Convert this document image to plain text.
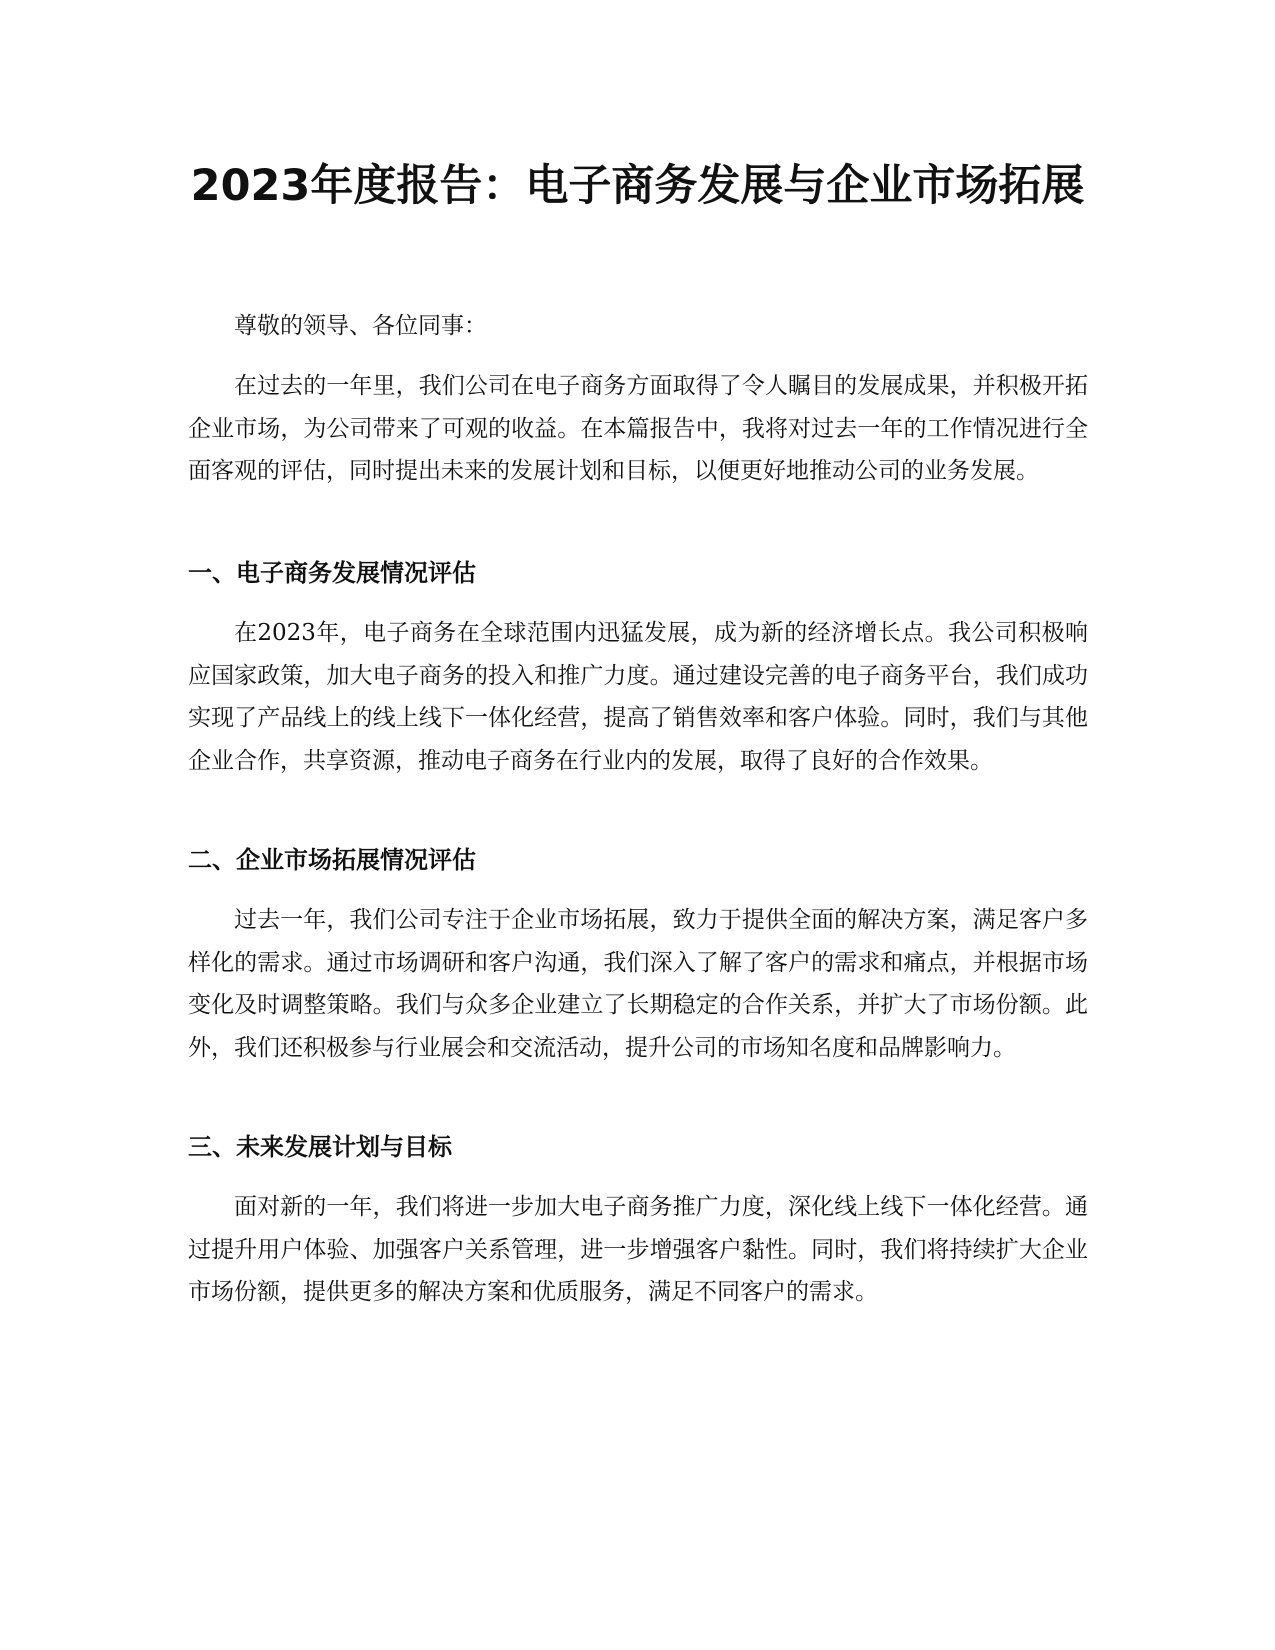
2023年度报告：电子商务发展与企业市场拓展

尊敬的领导、各位同事：

在过去的一年里，我们公司在电子商务方面取得了令人瞩目的发展成果，并积极开拓企业市场，为公司带来了可观的收益。在本篇报告中，我将对过去一年的工作情况进行全面客观的评估，同时提出未来的发展计划和目标，以便更好地推动公司的业务发展。

一、电子商务发展情况评估

在2023年，电子商务在全球范围内迅猛发展，成为新的经济增长点。我公司积极响应国家政策，加大电子商务的投入和推广力度。通过建设完善的电子商务平台，我们成功实现了产品线上的线上线下一体化经营，提高了销售效率和客户体验。同时，我们与其他企业合作，共享资源，推动电子商务在行业内的发展，取得了良好的合作效果。

二、企业市场拓展情况评估

过去一年，我们公司专注于企业市场拓展，致力于提供全面的解决方案，满足客户多样化的需求。通过市场调研和客户沟通，我们深入了解了客户的需求和痛点，并根据市场变化及时调整策略。我们与众多企业建立了长期稳定的合作关系，并扩大了市场份额。此外，我们还积极参与行业展会和交流活动，提升公司的市场知名度和品牌影响力。

三、未来发展计划与目标

面对新的一年，我们将进一步加大电子商务推广力度，深化线上线下一体化经营。通过提升用户体验、加强客户关系管理，进一步增强客户黏性。同时，我们将持续扩大企业市场份额，提供更多的解决方案和优质服务，满足不同客户的需求。
